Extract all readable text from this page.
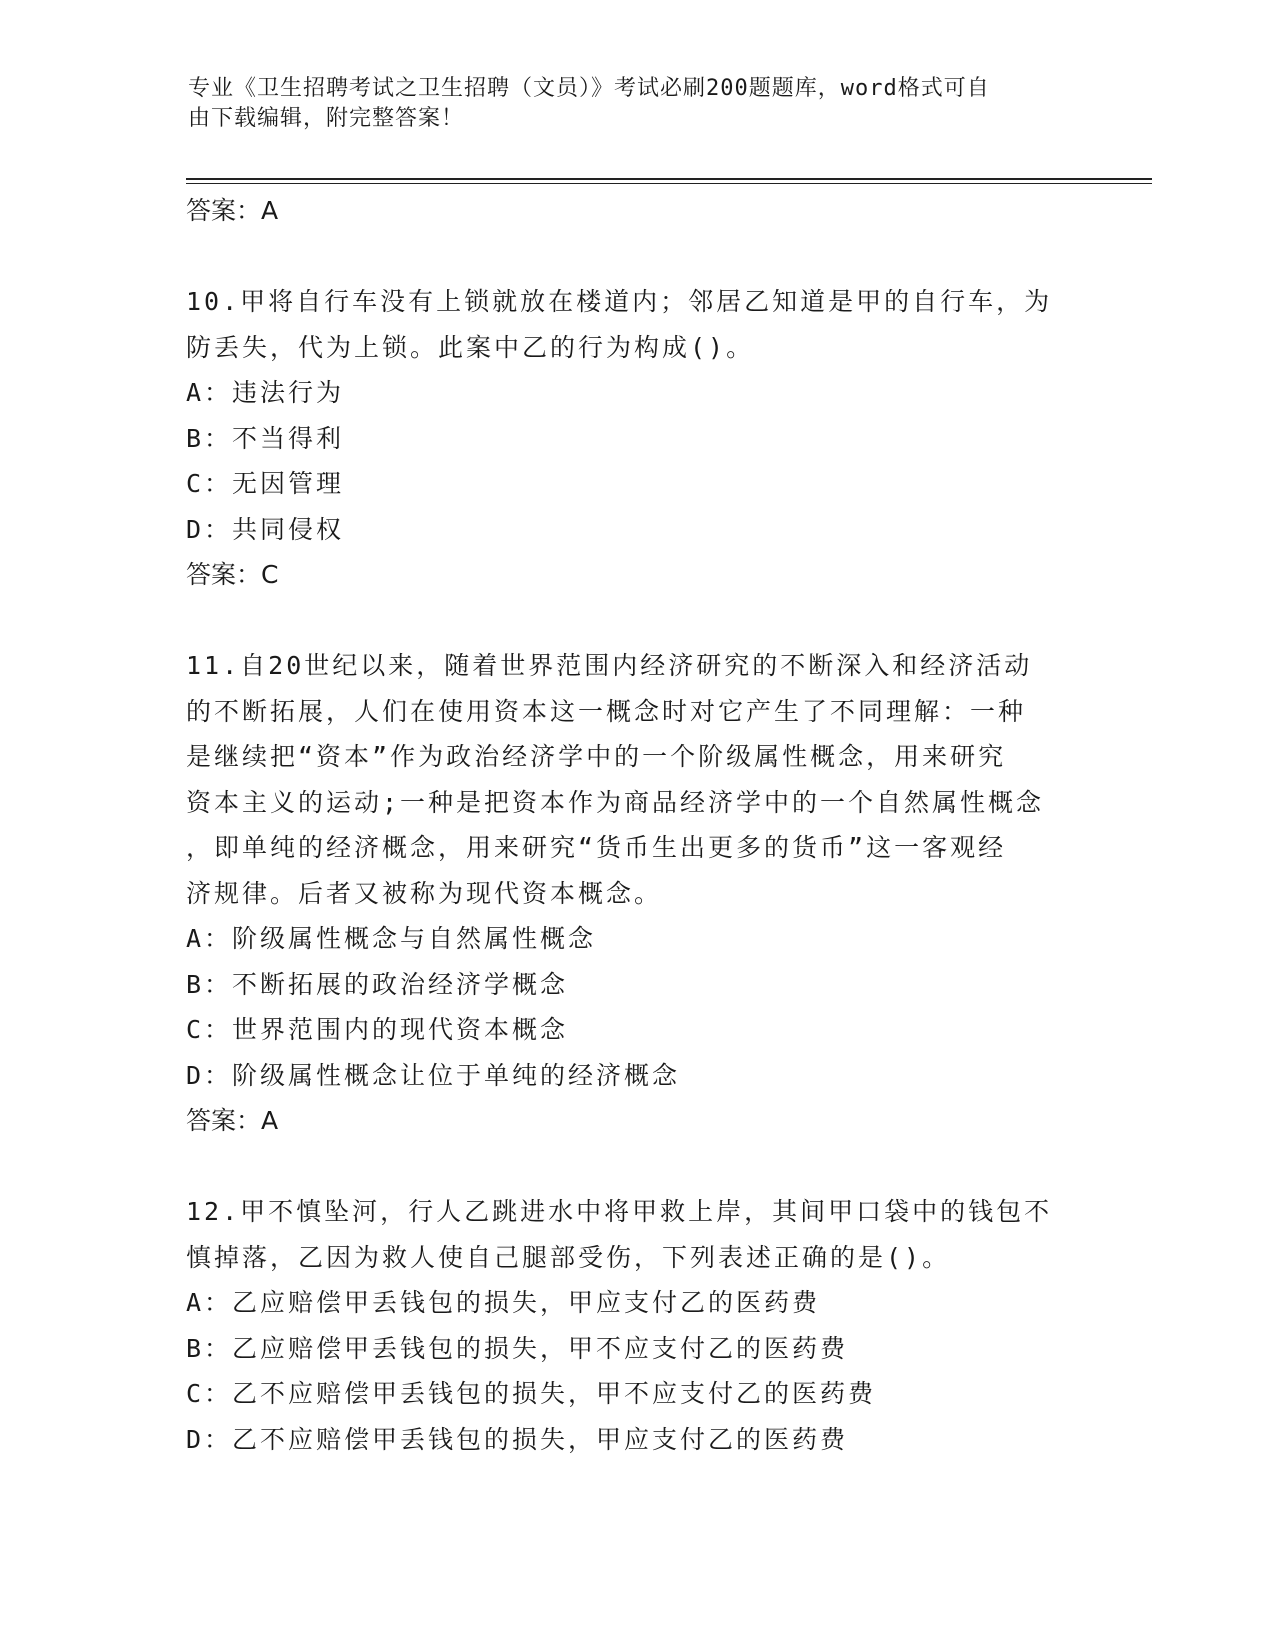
专业《卫生招聘考试之卫生招聘（文员）》考试必刷200题题库，word格式可自
由下载编辑，附完整答案！
答案：A
10.甲将自行车没有上锁就放在楼道内；邻居乙知道是甲的自行车，为
防丢失，代为上锁。此案中乙的行为构成()。
A：违法行为
B：不当得利
C：无因管理
D：共同侵权
答案：C
11.自20世纪以来，随着世界范围内经济研究的不断深入和经济活动
的不断拓展，人们在使用资本这一概念时对它产生了不同理解：一种
是继续把“资本”作为政治经济学中的一个阶级属性概念，用来研究
资本主义的运动;一种是把资本作为商品经济学中的一个自然属性概念
，即单纯的经济概念，用来研究“货币生出更多的货币”这一客观经
济规律。后者又被称为现代资本概念。
A：阶级属性概念与自然属性概念
B：不断拓展的政治经济学概念
C：世界范围内的现代资本概念
D：阶级属性概念让位于单纯的经济概念
答案：A
12.甲不慎坠河，行人乙跳进水中将甲救上岸，其间甲口袋中的钱包不
慎掉落，乙因为救人使自己腿部受伤，下列表述正确的是()。
A：乙应赔偿甲丢钱包的损失，甲应支付乙的医药费
B：乙应赔偿甲丢钱包的损失，甲不应支付乙的医药费
C：乙不应赔偿甲丢钱包的损失，甲不应支付乙的医药费
D：乙不应赔偿甲丢钱包的损失，甲应支付乙的医药费
